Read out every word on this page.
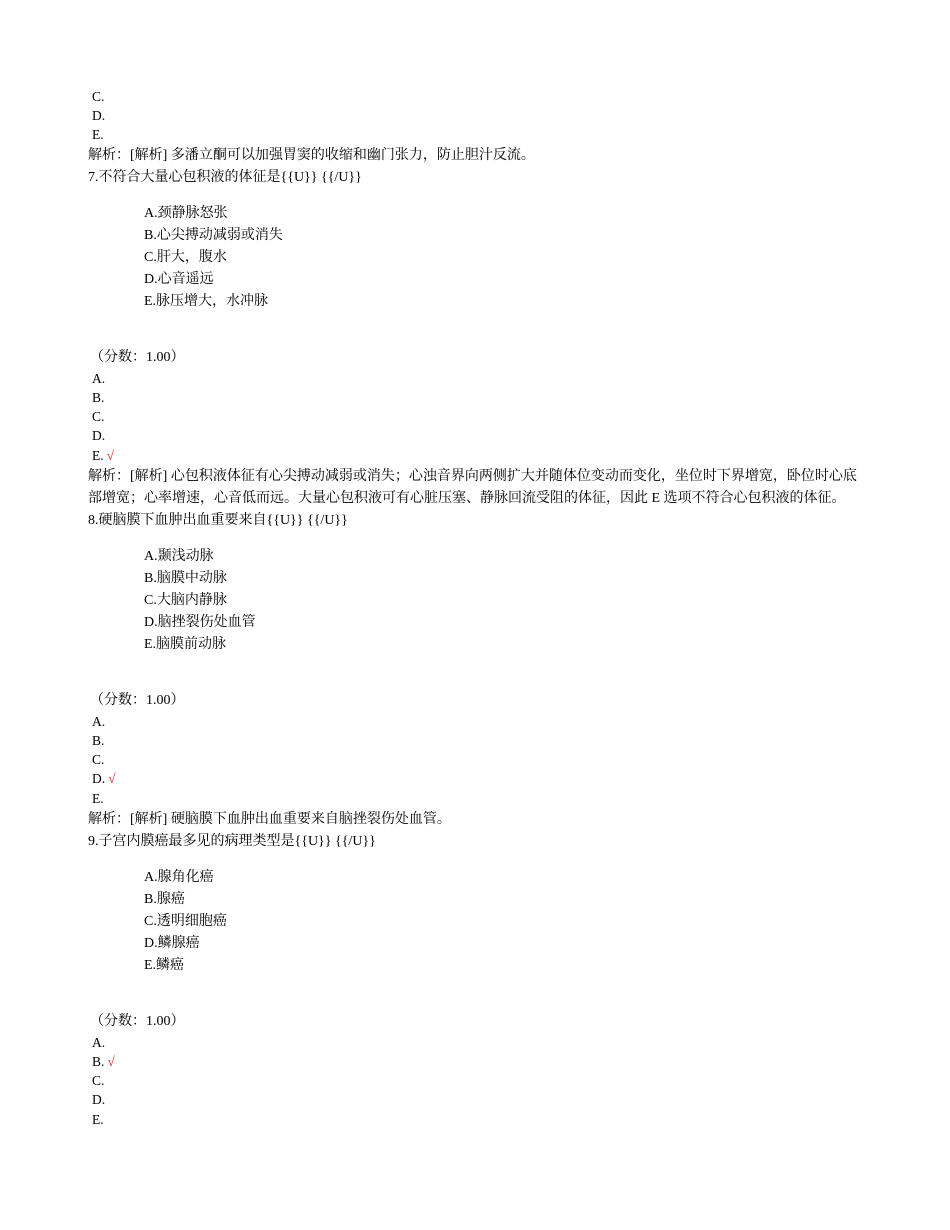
C.
D.
E.
解析：[解析] 多潘立酮可以加强胃窦的收缩和幽门张力，防止胆汁反流。
7.不符合大量心包积液的体征是{{U}} {{/U}}
A.颈静脉怒张
B.心尖搏动减弱或消失
C.肝大，腹水
D.心音遥远
E.脉压增大，水冲脉
（分数：1.00）
A.
B.
C.
D.
E. √
解析：[解析] 心包积液体征有心尖搏动减弱或消失；心浊音界向两侧扩大并随体位变动而变化，坐位时下界增宽，卧位时心底部增宽；心率增速，心音低而远。大量心包积液可有心脏压塞、静脉回流受阻的体征，因此 E 选项不符合心包积液的体征。
8.硬脑膜下血肿出血重要来自{{U}} {{/U}}
A.颞浅动脉
B.脑膜中动脉
C.大脑内静脉
D.脑挫裂伤处血管
E.脑膜前动脉
（分数：1.00）
A.
B.
C.
D. √
E.
解析：[解析] 硬脑膜下血肿出血重要来自脑挫裂伤处血管。
9.子宫内膜癌最多见的病理类型是{{U}} {{/U}}
A.腺角化癌
B.腺癌
C.透明细胞癌
D.鳞腺癌
E.鳞癌
（分数：1.00）
A.
B. √
C.
D.
E.
